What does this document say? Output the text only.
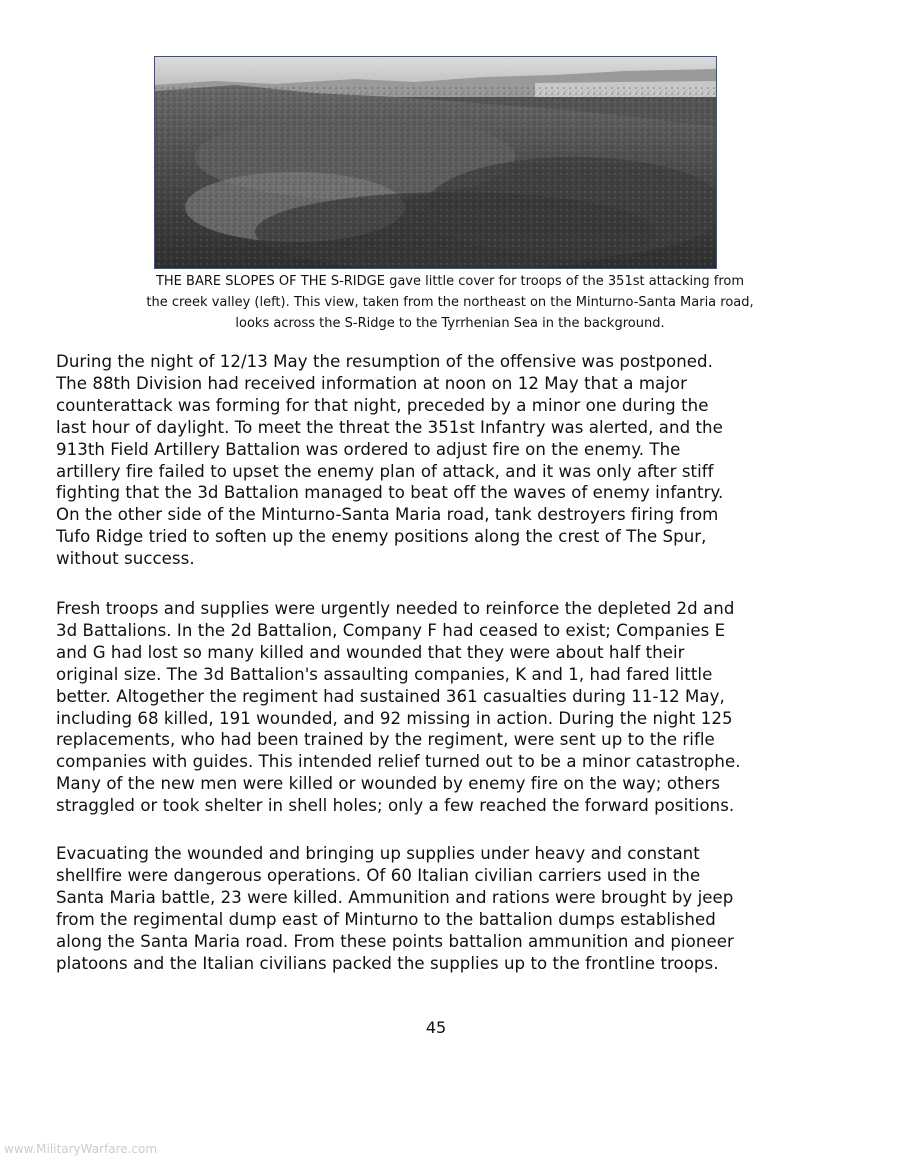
THE BARE SLOPES OF THE S-RIDGE gave little cover for troops of the 351st attacking from
the creek valley (left). This view, taken from the northeast on the Minturno-Santa Maria road,
looks across the S-Ridge to the Tyrrhenian Sea in the background.
During the night of 12/13 May the resumption of the offensive was postponed.
The 88th Division had received information at noon on 12 May that a major
counterattack was forming for that night, preceded by a minor one during the
last hour of daylight. To meet the threat the 351st Infantry was alerted, and the
913th Field Artillery Battalion was ordered to adjust fire on the enemy. The
artillery fire failed to upset the enemy plan of attack, and it was only after stiff
fighting that the 3d Battalion managed to beat off the waves of enemy infantry.
On the other side of the Minturno-Santa Maria road, tank destroyers firing from
Tufo Ridge tried to soften up the enemy positions along the crest of The Spur,
without success.
Fresh troops and supplies were urgently needed to reinforce the depleted 2d and
3d Battalions. In the 2d Battalion, Company F had ceased to exist; Companies E
and G had lost so many killed and wounded that they were about half their
original size. The 3d Battalion's assaulting companies, K and 1, had fared little
better. Altogether the regiment had sustained 361 casualties during 11-12 May,
including 68 killed, 191 wounded, and 92 missing in action. During the night 125
replacements, who had been trained by the regiment, were sent up to the rifle
companies with guides. This intended relief turned out to be a minor catastrophe.
Many of the new men were killed or wounded by enemy fire on the way; others
straggled or took shelter in shell holes; only a few reached the forward positions.
Evacuating the wounded and bringing up supplies under heavy and constant
shellfire were dangerous operations. Of 60 Italian civilian carriers used in the
Santa Maria battle, 23 were killed. Ammunition and rations were brought by jeep
from the regimental dump east of Minturno to the battalion dumps established
along the Santa Maria road. From these points battalion ammunition and pioneer
platoons and the Italian civilians packed the supplies up to the frontline troops.
45
www.MilitaryWarfare.com
